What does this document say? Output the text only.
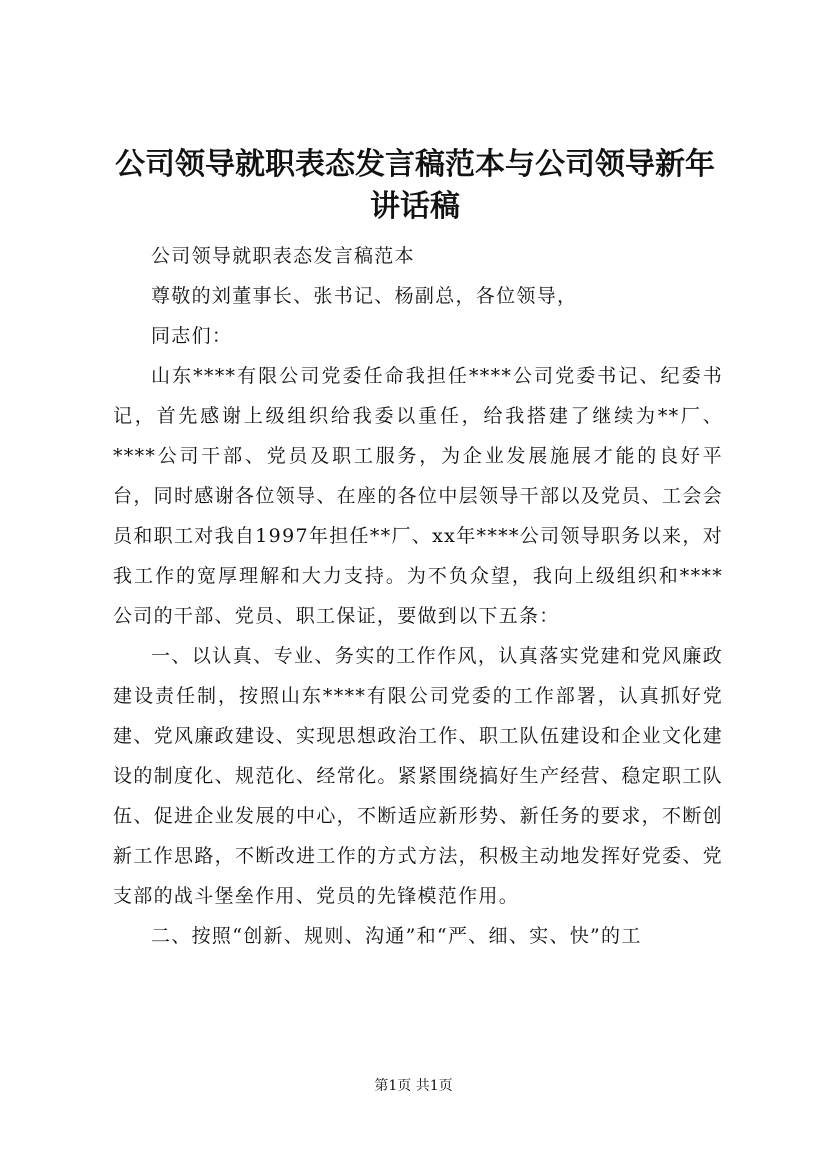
公司领导就职表态发言稿范本与公司领导新年讲话稿

公司领导就职表态发言稿范本

尊敬的刘董事长、张书记、杨副总，各位领导，

同志们：

山东****有限公司党委任命我担任****公司党委书记、纪委书记，首先感谢上级组织给我委以重任，给我搭建了继续为**厂、****公司干部、党员及职工服务，为企业发展施展才能的良好平台，同时感谢各位领导、在座的各位中层领导干部以及党员、工会会员和职工对我自1997年担任**厂、xx年****公司领导职务以来，对我工作的宽厚理解和大力支持。为不负众望，我向上级组织和****公司的干部、党员、职工保证，要做到以下五条：

一、以认真、专业、务实的工作作风，认真落实党建和党风廉政建设责任制，按照山东****有限公司党委的工作部署，认真抓好党建、党风廉政建设、实现思想政治工作、职工队伍建设和企业文化建设的制度化、规范化、经常化。紧紧围绕搞好生产经营、稳定职工队伍、促进企业发展的中心，不断适应新形势、新任务的要求，不断创新工作思路，不断改进工作的方式方法，积极主动地发挥好党委、党支部的战斗堡垒作用、党员的先锋模范作用。

二、按照“创新、规则、沟通”和“严、细、实、快”的工

第1页 共1页
